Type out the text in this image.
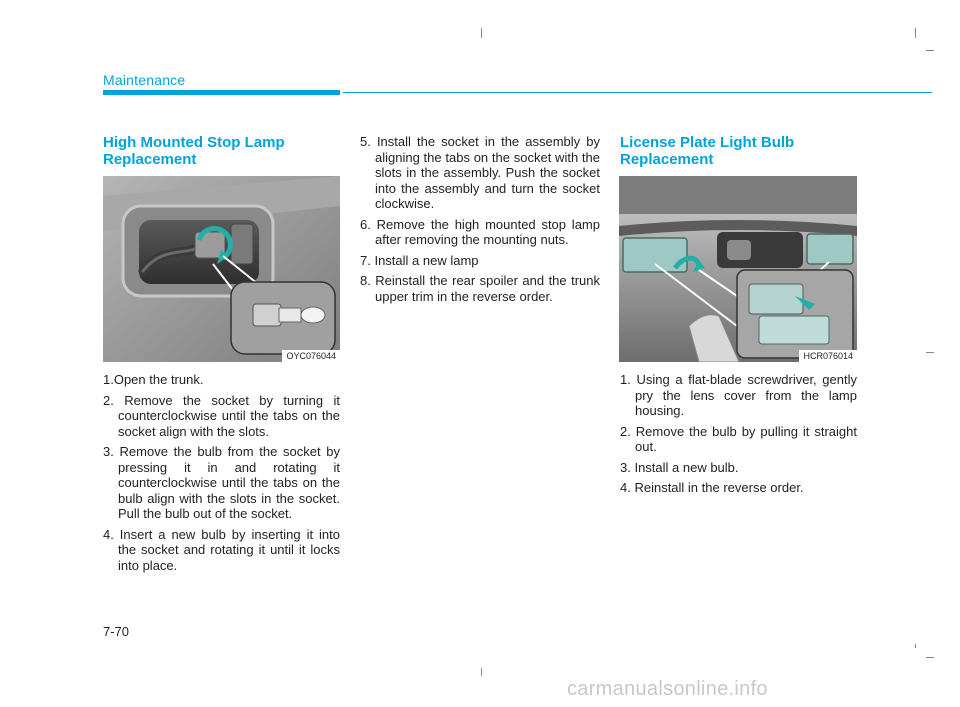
Maintenance
High Mounted Stop Lamp Replacement
OYC076044
1.Open the trunk.
2. Remove the socket by turning it counterclockwise until the tabs on the socket align with the slots.
3. Remove the bulb from the socket by pressing it in and rotating it counterclockwise until the tabs on the bulb align with the slots in the socket. Pull the bulb out of the socket.
4. Insert a new bulb by inserting it into the socket and rotating it until it locks into place.
5. Install the socket in the assembly by aligning the tabs on the socket with the slots in the assembly. Push the socket into the assembly and turn the socket clockwise.
6. Remove the high mounted stop lamp after removing the mounting nuts.
7. Install a new lamp
8. Reinstall the rear spoiler and the trunk upper trim in the reverse order.
License Plate Light Bulb Replacement
HCR076014
1. Using a flat-blade screwdriver, gently pry the lens cover from the lamp housing.
2. Remove the bulb by pulling it straight out.
3. Install a new bulb.
4. Reinstall in the reverse order.
7-70
carmanualsonline.info
